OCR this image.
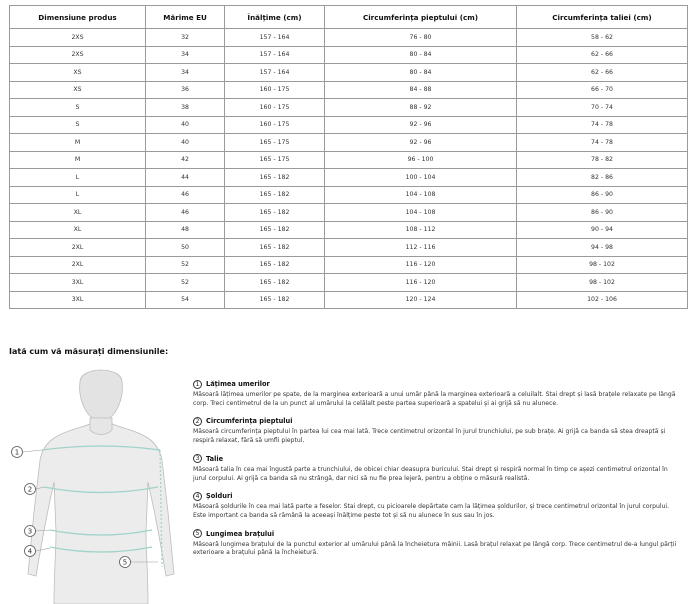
Dimensiune produs	Mărime EU	Înălțime (cm)	Circumferința pieptului (cm)	Circumferința taliei (cm)
2XS	32	157 - 164	76 - 80	58 - 62
2XS	34	157 - 164	80 - 84	62 - 66
XS	34	157 - 164	80 - 84	62 - 66
XS	36	160 - 175	84 - 88	66 - 70
S	38	160 - 175	88 - 92	70 - 74
S	40	160 - 175	92 - 96	74 - 78
M	40	165 - 175	92 - 96	74 - 78
M	42	165 - 175	96 - 100	78 - 82
L	44	165 - 182	100 - 104	82 - 86
L	46	165 - 182	104 - 108	86 - 90
XL	46	165 - 182	104 - 108	86 - 90
XL	48	165 - 182	108 - 112	90 - 94
2XL	50	165 - 182	112 - 116	94 - 98
2XL	52	165 - 182	116 - 120	98 - 102
3XL	52	165 - 182	116 - 120	98 - 102
3XL	54	165 - 182	120 - 124	102 - 106
Iată cum vă măsurați dimensiunile:
1
2
3
4
5
1 Lățimea umerilor

Măsoară lățimea umerilor pe spate, de la marginea exterioară a unui umăr până la marginea exterioară a celuilalt. Stai drept și lasă brațele relaxate pe lângă corp. Treci centimetrul de la un punct al umărului la celălalt peste partea superioară a spatelui și ai grijă să nu alunece.

2 Circumferința pieptului

Măsoară circumferința pieptului în partea lui cea mai lată. Trece centimetrul orizontal în jurul trunchiului, pe sub brațe. Ai grijă ca banda să stea dreaptă și respiră relaxat, fără să umfli pieptul.

3 Talie

Măsoară talia în cea mai îngustă parte a trunchiului, de obicei chiar deasupra buricului. Stai drept și respiră normal în timp ce așezi centimetrul orizontal în jurul corpului. Ai grijă ca banda să nu strângă, dar nici să nu fie prea lejeră, pentru a obține o măsură realistă.

4 Șolduri

Măsoară șoldurile în cea mai lată parte a feselor. Stai drept, cu picioarele depărtate cam la lățimea șoldurilor, și trece centimetrul orizontal în jurul corpului. Este important ca banda să rămână la aceeași înălțime peste tot și să nu alunece în sus sau în jos.

5 Lungimea brațului

Măsoară lungimea brațului de la punctul exterior al umărului până la încheietura mâinii. Lasă brațul relaxat pe lângă corp. Trece centimetrul de-a lungul părții exterioare a brațului până la încheietură.
